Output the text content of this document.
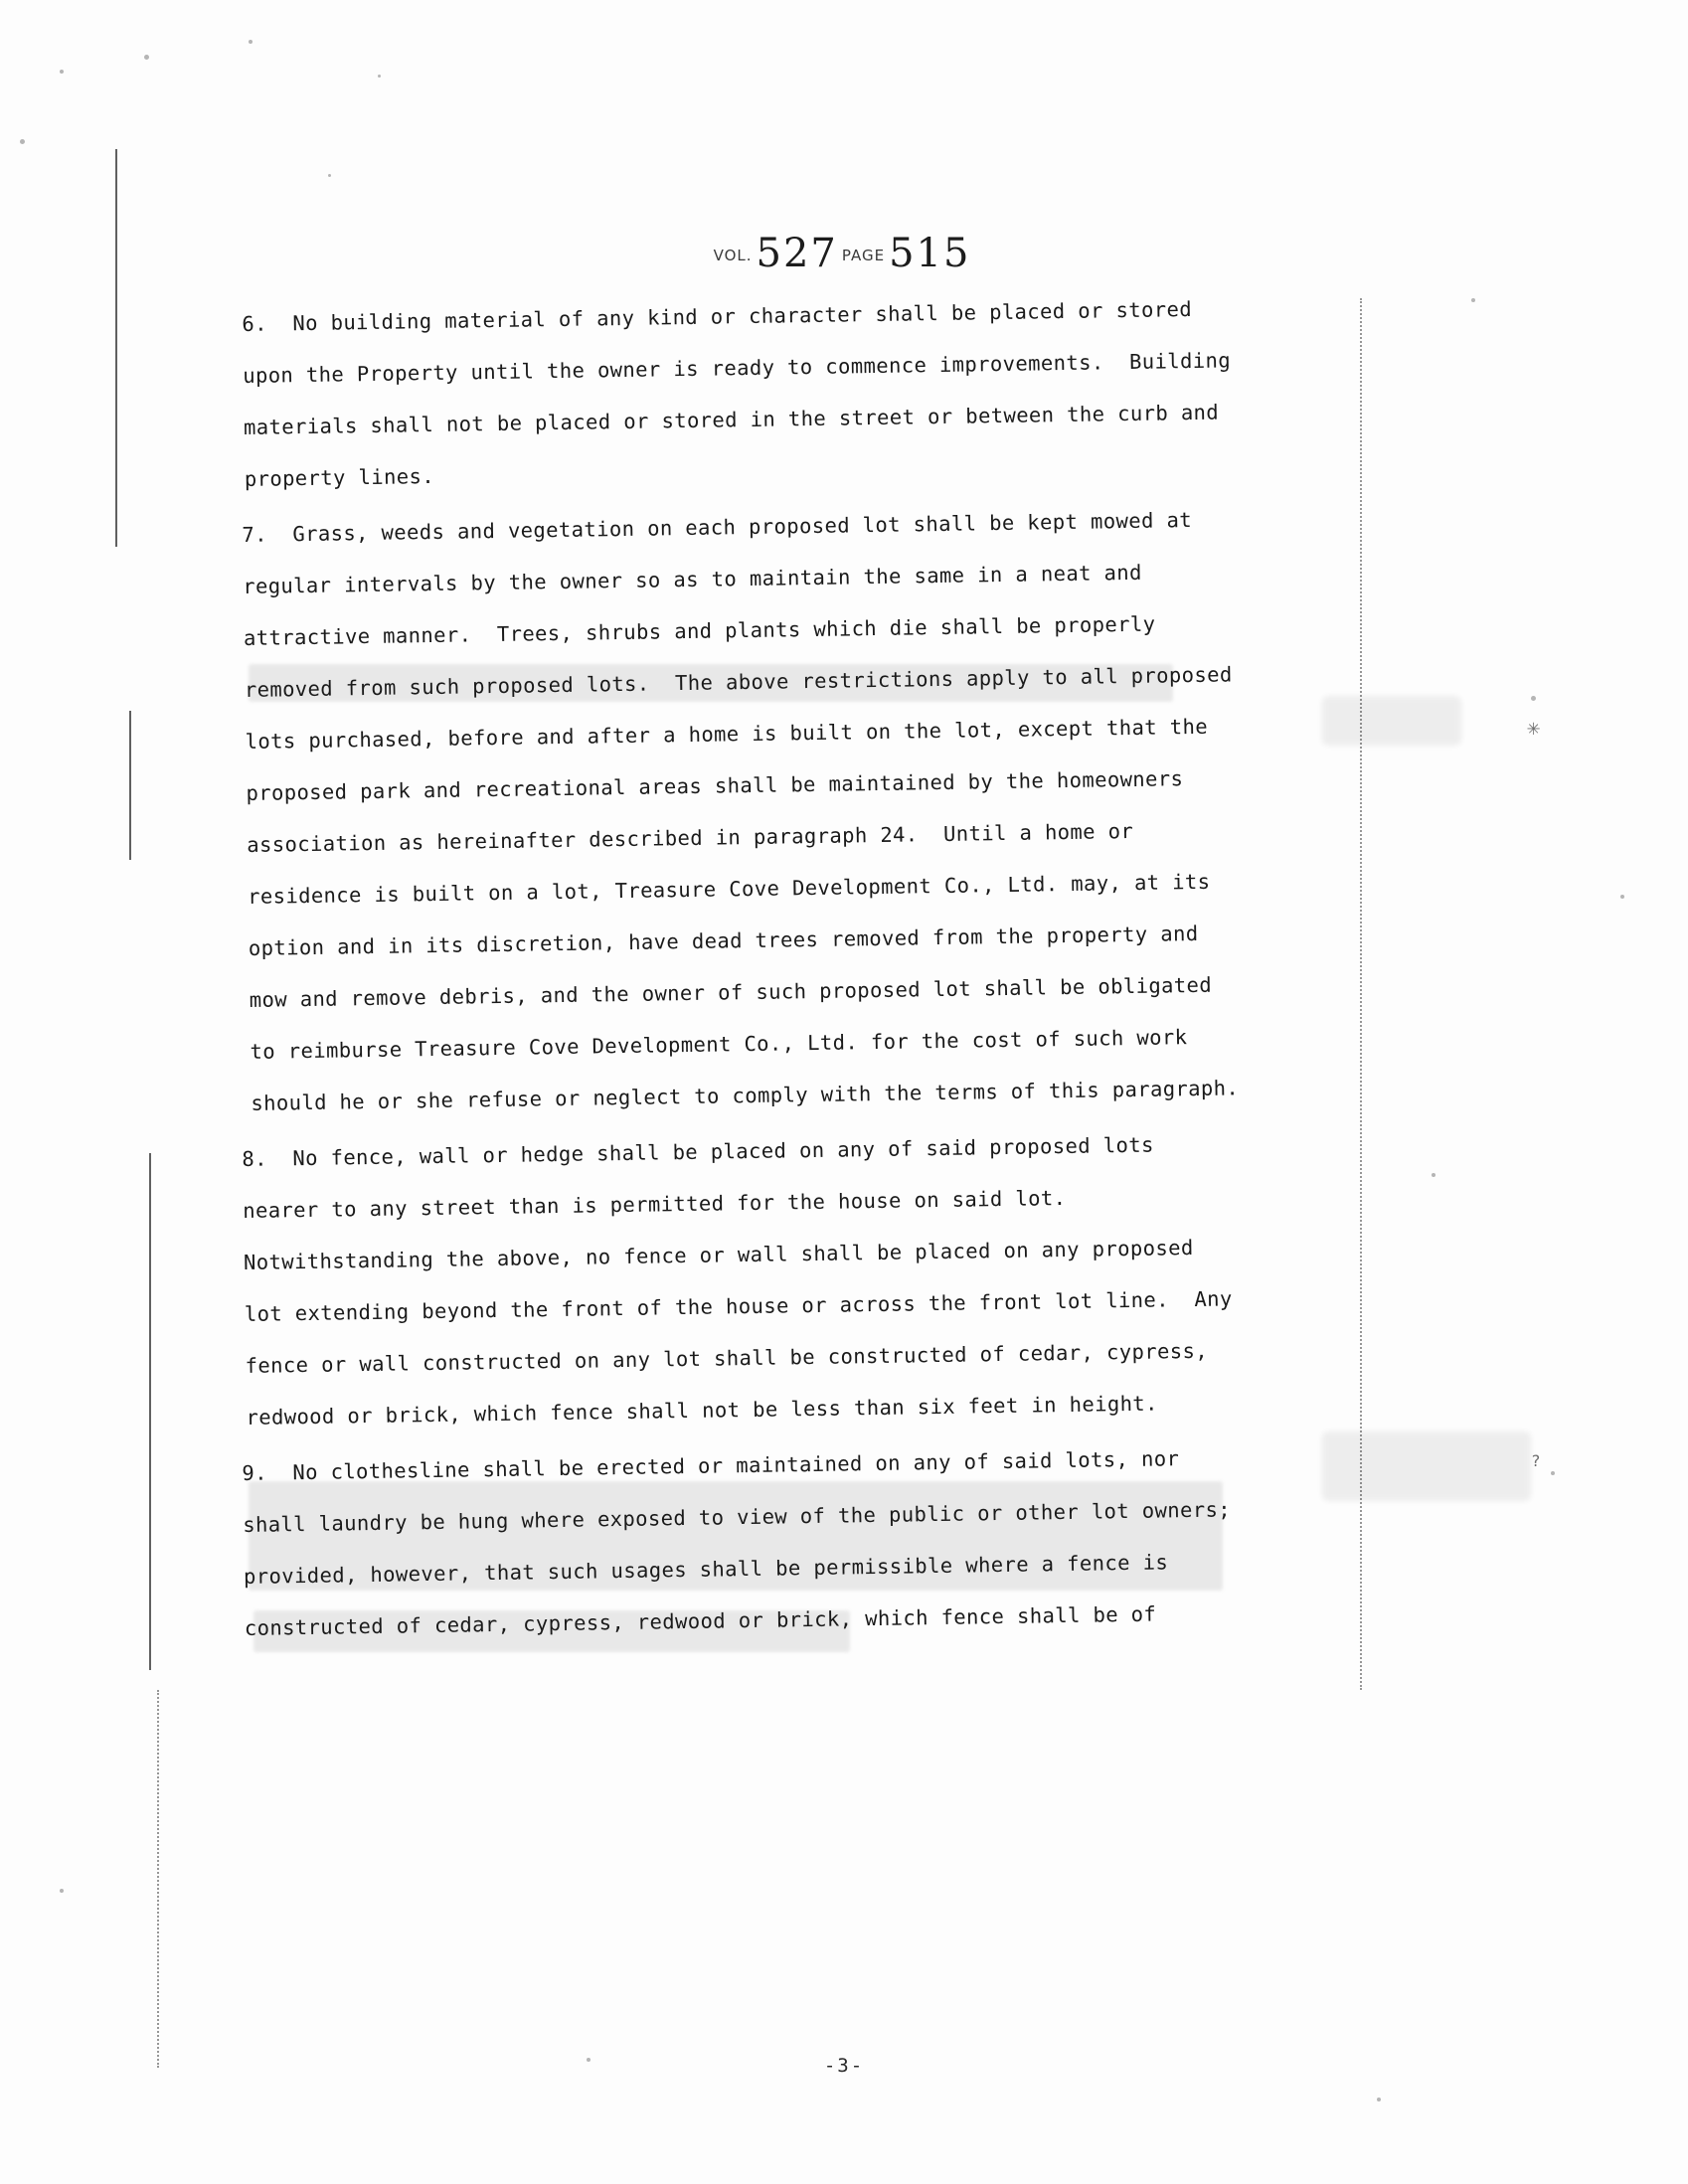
✳
?
VOL. 527 PAGE 515

6.  No building material of any kind or character shall be placed or stored upon the Property until the owner is ready to commence improvements.  Building materials shall not be placed or stored in the street or between the curb and property lines.

7.  Grass, weeds and vegetation on each proposed lot shall be kept mowed at regular intervals by the owner so as to maintain the same in a neat and attractive manner.  Trees, shrubs and plants which die shall be properly removed from such proposed lots.  The above restrictions apply to all proposed lots purchased, before and after a home is built on the lot, except that the proposed park and recreational areas shall be maintained by the homeowners association as hereinafter described in paragraph 24.  Until a home or residence is built on a lot, Treasure Cove Development Co., Ltd. may, at its option and in its discretion, have dead trees removed from the property and mow and remove debris, and the owner of such proposed lot shall be obligated to reimburse Treasure Cove Development Co., Ltd. for the cost of such work should he or she refuse or neglect to comply with the terms of this paragraph.

8.  No fence, wall or hedge shall be placed on any of said proposed lots nearer to any street than is permitted for the house on said lot.  Notwithstanding the above, no fence or wall shall be placed on any proposed lot extending beyond the front of the house or across the front lot line.  Any fence or wall constructed on any lot shall be constructed of cedar, cypress, redwood or brick, which fence shall not be less than six feet in height.

9.  No clothesline shall be erected or maintained on any of said lots, nor shall laundry be hung where exposed to view of the public or other lot owners; provided, however, that such usages shall be permissible where a fence is constructed of cedar, cypress, redwood or brick, which fence shall be of

-3-
